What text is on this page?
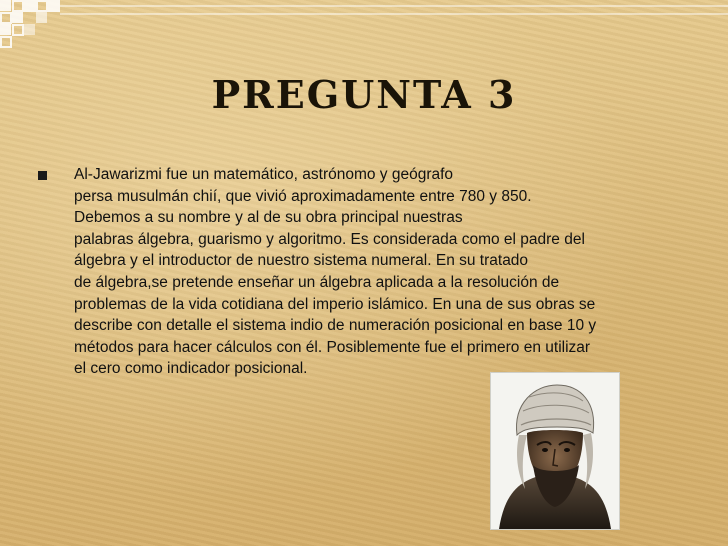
PREGUNTA 3
Al-Jawarizmi fue un matemático, astrónomo y geógrafo
persa musulmán chií, que vivió aproximadamente entre 780 y 850.
Debemos a su nombre y al de su obra principal nuestras
palabras álgebra, guarismo y algoritmo. Es considerada como el padre del
álgebra y el introductor de nuestro sistema numeral. En su tratado
de álgebra,se pretende enseñar un álgebra aplicada a la resolución de
problemas de la vida cotidiana del imperio islámico. En una de sus obras se
describe con detalle el sistema indio de numeración posicional en base 10 y
métodos para hacer cálculos con él. Posiblemente fue el primero en utilizar
el cero como indicador posicional.
